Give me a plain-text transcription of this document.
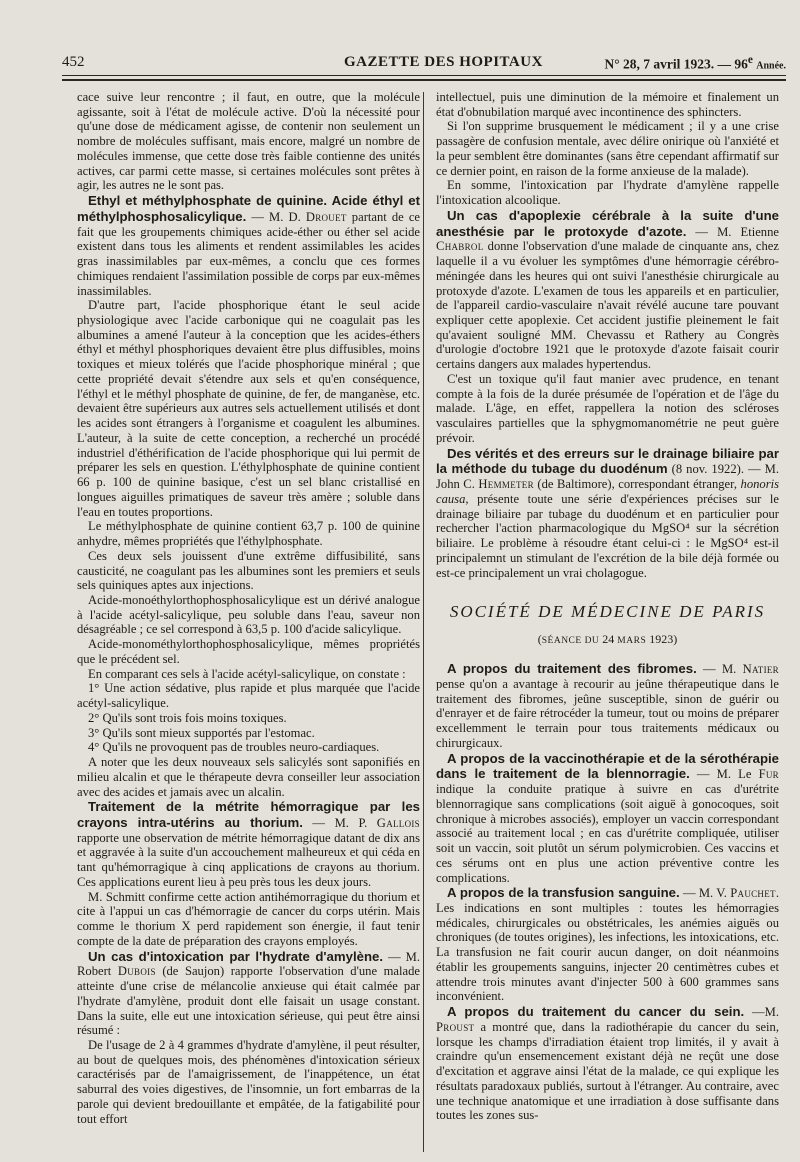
452	GAZETTE DES HOPITAUX	N° 28, 7 avril 1923. — 96e Année.

cace suive leur rencontre ; il faut, en outre, que la molécule agissante, soit à l'état de molécule active. D'où la nécessité pour qu'une dose de médicament agisse, de contenir non seulement un nombre de molécules suffisant, mais encore, malgré un nombre de molécules immense, que cette dose très faible contienne des unités actives, car parmi cette masse, si certaines molécules sont prêtes à agir, les autres ne le sont pas.

Ethyl et méthylphosphate de quinine. Acide éthyl et méthylphosphosalicylique. — M. D. Drouet partant de ce fait que les groupements chimiques acide-éther ou éther sel acide existent dans tous les aliments et rendent assimilables les acides gras inassimilables par eux-mêmes, a conclu que ces formes chimiques rendaient l'assimilation possible de corps par eux-mêmes inassimilables.

D'autre part, l'acide phosphorique étant le seul acide physiologique avec l'acide carbonique qui ne coagulait pas les albumines a amené l'auteur à la conception que les acides-éthers éthyl et méthyl phosphoriques devaient être plus diffusibles, moins toxiques et mieux tolérés que l'acide phosphorique minéral ; que cette propriété devait s'étendre aux sels et qu'en conséquence, l'éthyl et le méthyl phosphate de quinine, de fer, de manganèse, etc. devaient être supérieurs aux autres sels actuellement utilisés et dont les acides sont étrangers à l'organisme et coagulent les albumines. L'auteur, à la suite de cette conception, a recherché un procédé industriel d'éthérification de l'acide phosphorique qui lui permit de préparer les sels en question. L'éthylphosphate de quinine contient 66 p. 100 de quinine basique, c'est un sel blanc cristallisé en longues aiguilles primatiques de saveur très amère ; soluble dans l'eau en toutes proportions.

Le méthylphosphate de quinine contient 63,7 p. 100 de quinine anhydre, mêmes propriétés que l'éthylphosphate.

Ces deux sels jouissent d'une extrême diffusibilité, sans causticité, ne coagulant pas les albumines sont les premiers et seuls sels quiniques aptes aux injections.

Acide-monoéthylorthophosphosalicylique est un dérivé analogue à l'acide acétyl-salicylique, peu soluble dans l'eau, saveur non désagréable ; ce sel correspond à 63,5 p. 100 d'acide salicylique.

Acide-monométhylorthophosphosalicylique, mêmes propriétés que le précédent sel.

En comparant ces sels à l'acide acétyl-salicylique, on constate :

1° Une action sédative, plus rapide et plus marquée que l'acide acétyl-salicylique.

2° Qu'ils sont trois fois moins toxiques.

3° Qu'ils sont mieux supportés par l'estomac.

4° Qu'ils ne provoquent pas de troubles neuro-cardiaques.

A noter que les deux nouveaux sels salicylés sont saponifiés en milieu alcalin et que le thérapeute devra conseiller leur association avec des acides et jamais avec un alcalin.

Traitement de la métrite hémorragique par les crayons intra-utérins au thorium. — M. P. Gallois rapporte une observation de métrite hémorragique datant de dix ans et aggravée à la suite d'un accouchement malheureux et qui céda en tant qu'hémorragique à cinq applications de crayons au thorium. Ces applications eurent lieu à peu près tous les deux jours.

M. Schmitt confirme cette action antihémorragique du thorium et cite à l'appui un cas d'hémorragie de cancer du corps utérin. Mais comme le thorium X perd rapidement son énergie, il faut tenir compte de la date de préparation des crayons employés.

Un cas d'intoxication par l'hydrate d'amylène. — M. Robert Dubois (de Saujon) rapporte l'observation d'une malade atteinte d'une crise de mélancolie anxieuse qui était calmée par l'hydrate d'amylène, produit dont elle faisait un usage constant. Dans la suite, elle eut une intoxication sérieuse, qui peut être ainsi résumé :

De l'usage de 2 à 4 grammes d'hydrate d'amylène, il peut résulter, au bout de quelques mois, des phénomènes d'intoxication sérieux caractérisés par de l'amaigrissement, de l'inappétence, un état saburral des voies digestives, de l'insomnie, un fort embarras de la parole qui devient bredouillante et empâtée, de la fatigabilité pour tout effort

intellectuel, puis une diminution de la mémoire et finalement un état d'obnubilation marqué avec incontinence des sphincters.

Si l'on supprime brusquement le médicament ; il y a une crise passagère de confusion mentale, avec délire onirique où l'anxiété et la peur semblent être dominantes (sans être cependant affirmatif sur ce dernier point, en raison de la forme anxieuse de la malade).

En somme, l'intoxication par l'hydrate d'amylène rappelle l'intoxication alcoolique.

Un cas d'apoplexie cérébrale à la suite d'une anesthésie par le protoxyde d'azote. — M. Etienne Chabrol donne l'observation d'une malade de cinquante ans, chez laquelle il a vu évoluer les symptômes d'une hémorragie cérébro-méningée dans les heures qui ont suivi l'anesthésie chirurgicale au protoxyde d'azote. L'examen de tous les appareils et en particulier, de l'appareil cardio-vasculaire n'avait révélé aucune tare pouvant expliquer cette apoplexie. Cet accident justifie pleinement le fait qu'avaient souligné MM. Chevassu et Rathery au Congrès d'urologie d'octobre 1921 que le protoxyde d'azote faisait courir certains dangers aux malades hypertendus.

C'est un toxique qu'il faut manier avec prudence, en tenant compte à la fois de la durée présumée de l'opération et de l'âge du malade. L'âge, en effet, rappellera la notion des scléroses vasculaires partielles que la sphygmomanométrie ne peut guère prévoir.

Des vérités et des erreurs sur le drainage biliaire par la méthode du tubage du duodénum (8 nov. 1922). — M. John C. Hemmeter (de Baltimore), correspondant étranger, honoris causa, présente toute une série d'expériences précises sur le drainage biliaire par tubage du duodénum et en particulier pour rechercher l'action pharmacologique du MgSO⁴ sur la sécrétion biliaire. Le problème à résoudre étant celui-ci : le MgSO⁴ est-il principalemnt un stimulant de l'excrétion de la bile déjà formée ou est-ce principalement un vrai cholagogue.

SOCIÉTÉ DE MÉDECINE DE PARIS
(SÉANCE DU 24 MARS 1923)

A propos du traitement des fibromes. — M. Natier pense qu'on a avantage à recourir au jeûne thérapeutique dans le traitement des fibromes, jeûne susceptible, sinon de guérir ou d'enrayer et de faire rétrocéder la tumeur, tout ou moins de préparer excellemment le terrain pour tous traitements médicaux ou chirurgicaux.

A propos de la vaccinothérapie et de la sérothérapie dans le traitement de la blennorragie. — M. Le Fur indique la conduite pratique à suivre en cas d'urétrite blennorragique sans complications (soit aiguë à gonocoques, soit chronique à microbes associés), employer un vaccin correspondant associé au traitement local ; en cas d'urétrite compliquée, utiliser soit un vaccin, soit plutôt un sérum polymicrobien. Ces vaccins et ces sérums ont en plus une action préventive contre les complications.

A propos de la transfusion sanguine. — M. V. Pauchet. Les indications en sont multiples : toutes les hémorragies médicales, chirurgicales ou obstétricales, les anémies aiguës ou chroniques (de toutes origines), les infections, les intoxications, etc. La transfusion ne fait courir aucun danger, on doit néanmoins établir les groupements sanguins, injecter 20 centimètres cubes et attendre trois minutes avant d'injecter 500 à 600 grammes sans inconvénient.

A propos du traitement du cancer du sein. —M. Proust a montré que, dans la radiothérapie du cancer du sein, lorsque les champs d'irradiation étaient trop limités, il y avait à craindre qu'un ensemencement existant déjà ne reçût une dose d'excitation et aggrave ainsi l'état de la malade, ce qui explique les résultats paradoxaux publiés, surtout à l'étranger. Au contraire, avec une technique anatomique et une irradiation à dose suffisante dans toutes les zones sus-
